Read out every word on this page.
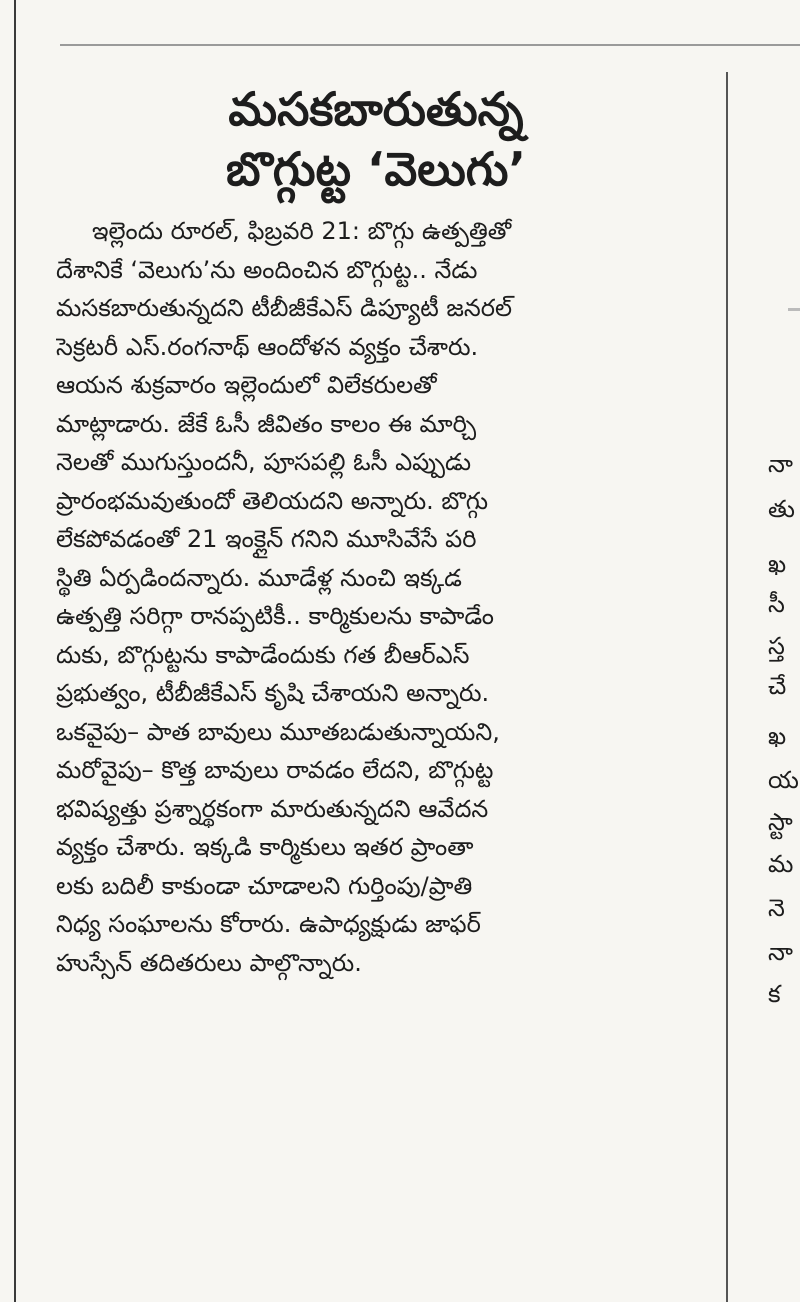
మసకబారుతున్న
బొగ్గుట్ట ‘వెలుగు’
ఇల్లెందు రూరల్, ఫిబ్రవరి 21: బొగ్గు ఉత్పత్తితో
దేశానికే ‘వెలుగు’ను అందించిన బొగ్గుట్ట.. నేడు
మసకబారుతున్నదని టీబీజీకేఎస్ డిప్యూటీ జనరల్
సెక్రటరీ ఎస్.రంగనాథ్ ఆందోళన వ్యక్తం చేశారు.
ఆయన శుక్రవారం ఇల్లెందులో విలేకరులతో
మాట్లాడారు. జేకే ఓసీ జీవితం కాలం ఈ మార్చి
నెలతో ముగుస్తుందనీ, పూసపల్లి ఓసీ ఎప్పుడు
ప్రారంభమవుతుందో తెలియదని అన్నారు. బొగ్గు
లేకపోవడంతో 21 ఇంక్లైన్ గనిని మూసివేసే పరి
స్థితి ఏర్పడిందన్నారు. మూడేళ్ల నుంచి ఇక్కడ
ఉత్పత్తి సరిగ్గా రానప్పటికీ.. కార్మికులను కాపాడేం
దుకు, బొగ్గుట్టను కాపాడేందుకు గత బీఆర్ఎస్
ప్రభుత్వం, టీబీజీకేఎస్ కృషి చేశాయని అన్నారు.
ఒకవైపు– పాత బావులు మూతబడుతున్నాయని,
మరోవైపు– కొత్త బావులు రావడం లేదని, బొగ్గుట్ట
భవిష్యత్తు ప్రశ్నార్థకంగా మారుతున్నదని ఆవేదన
వ్యక్తం చేశారు. ఇక్కడి కార్మికులు ఇతర ప్రాంతా
లకు బదిలీ కాకుండా చూడాలని గుర్తింపు/ప్రాతి
నిధ్య సంఘాలను కోరారు. ఉపాధ్యక్షుడు జాఫర్
హుస్సేన్ తదితరులు పాల్గొన్నారు.
నా
తు
ఖ
సీ
స్త
చే
ఖ
య
స్టా
మ
నె
నా
క
